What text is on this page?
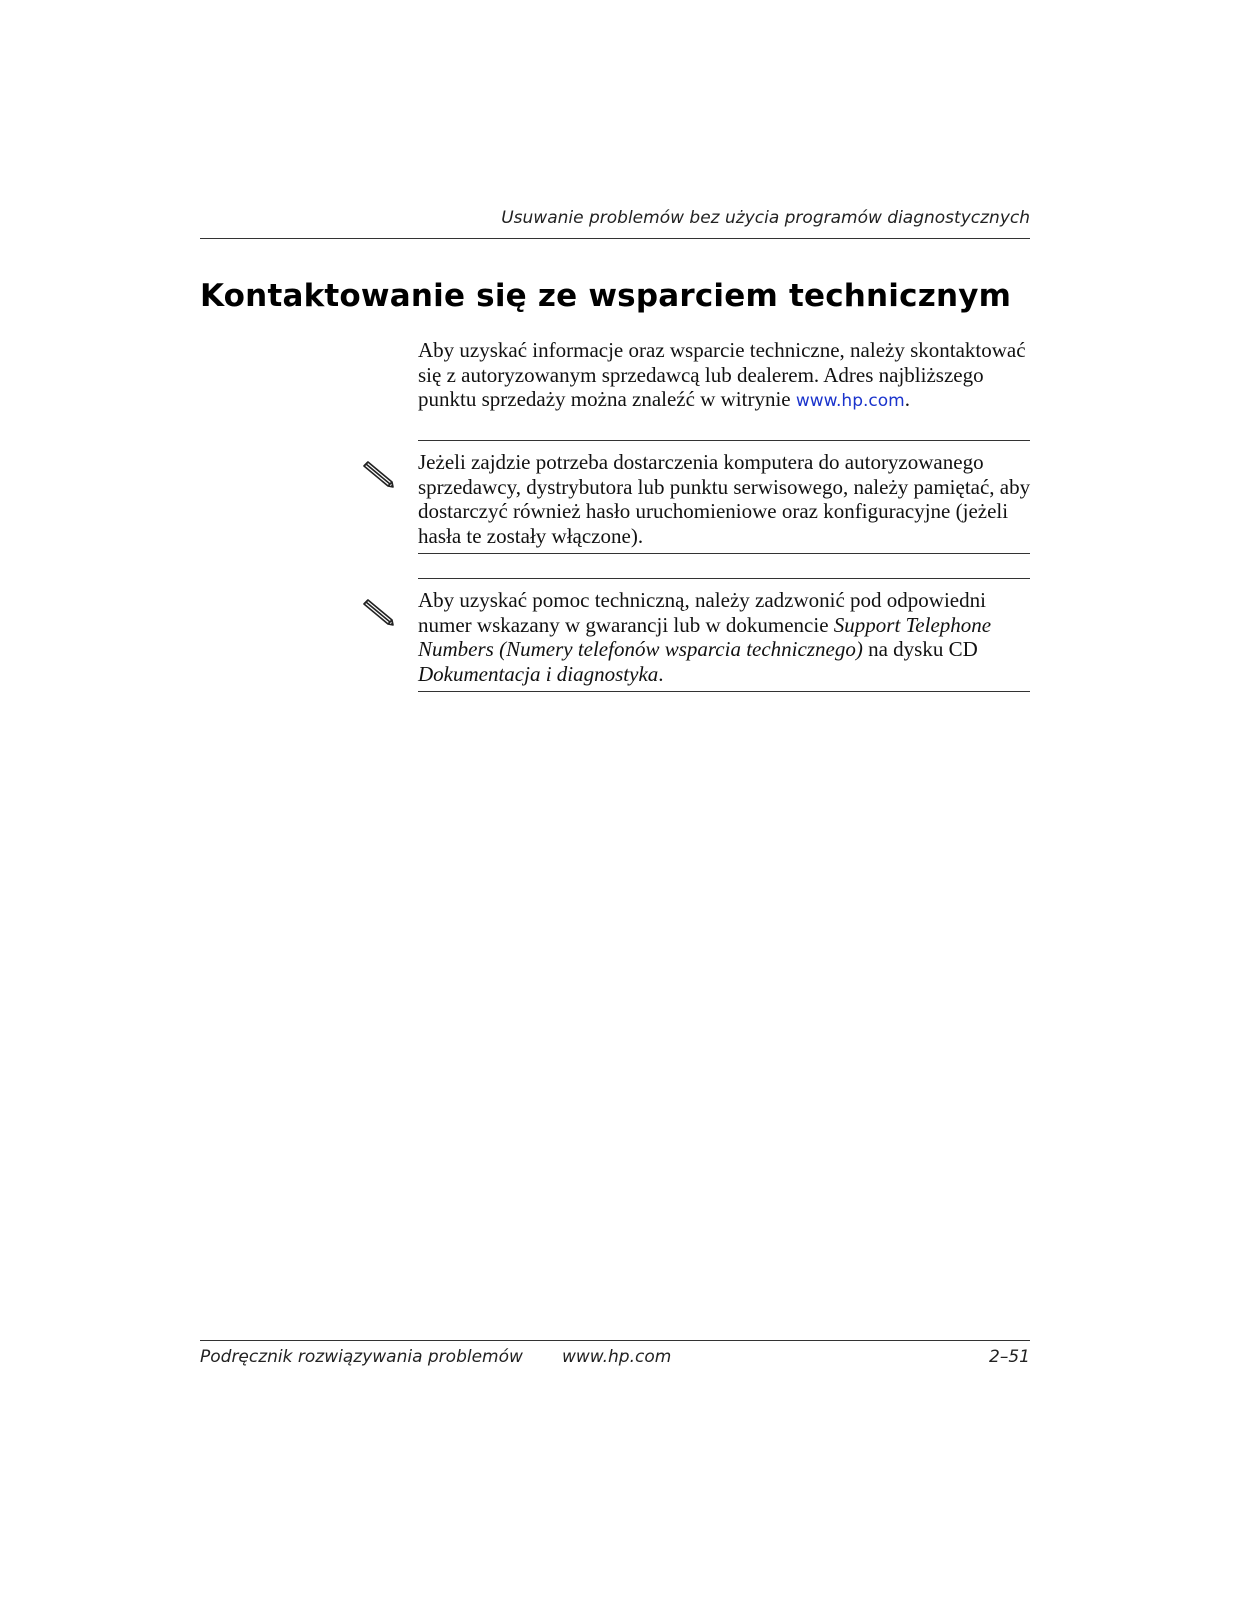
Usuwanie problemów bez użycia programów diagnostycznych
Kontaktowanie się ze wsparciem technicznym

Aby uzyskać informacje oraz wsparcie techniczne, należy skontaktować się z autoryzowanym sprzedawcą lub dealerem. Adres najbliższego punktu sprzedaży można znaleźć w witrynie www.hp.com.

Jeżeli zajdzie potrzeba dostarczenia komputera do autoryzowanego sprzedawcy, dystrybutora lub punktu serwisowego, należy pamiętać, aby dostarczyć również hasło uruchomieniowe oraz konfiguracyjne (jeżeli hasła te zostały włączone).

Aby uzyskać pomoc techniczną, należy zadzwonić pod odpowiedni numer wskazany w gwarancji lub w dokumencie Support Telephone Numbers (Numery telefonów wsparcia technicznego) na dysku CD Dokumentacja i diagnostyka.

Podręcznik rozwiązywania problemów www.hp.com	2–51
